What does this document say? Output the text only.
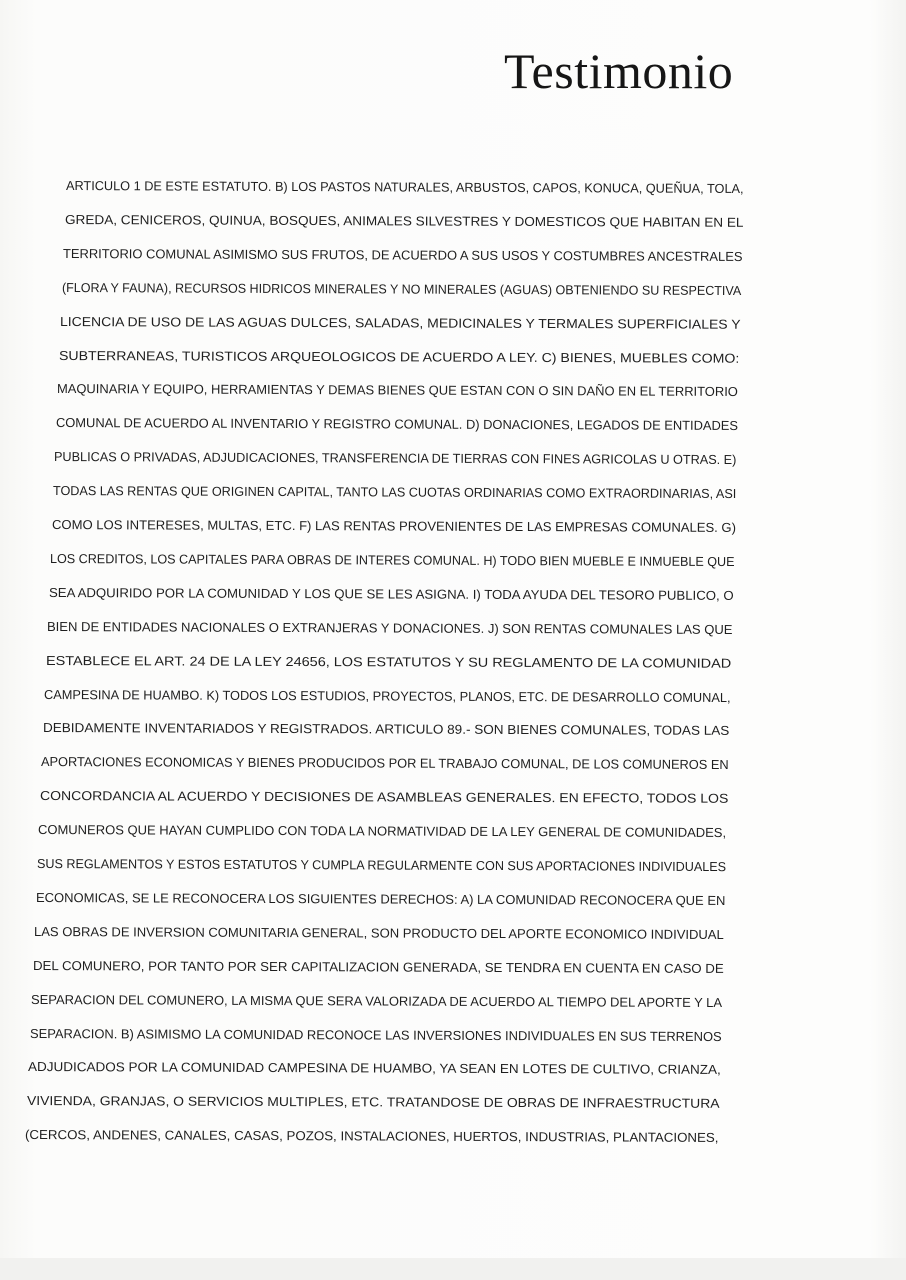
Testimonio
ARTICULO 1 DE ESTE ESTATUTO. B) LOS PASTOS NATURALES, ARBUSTOS, CAPOS, KONUCA, QUEÑUA, TOLA,
GREDA, CENICEROS, QUINUA, BOSQUES, ANIMALES SILVESTRES Y DOMESTICOS QUE HABITAN EN EL
TERRITORIO COMUNAL ASIMISMO SUS FRUTOS, DE ACUERDO A SUS USOS Y COSTUMBRES ANCESTRALES
(FLORA Y FAUNA), RECURSOS HIDRICOS MINERALES Y NO MINERALES (AGUAS) OBTENIENDO SU RESPECTIVA
LICENCIA DE USO DE LAS AGUAS DULCES, SALADAS, MEDICINALES Y TERMALES SUPERFICIALES Y
SUBTERRANEAS, TURISTICOS ARQUEOLOGICOS DE ACUERDO A LEY. C) BIENES, MUEBLES COMO:
MAQUINARIA Y EQUIPO, HERRAMIENTAS Y DEMAS BIENES QUE ESTAN CON O SIN DAÑO EN EL TERRITORIO
COMUNAL DE ACUERDO AL INVENTARIO Y REGISTRO COMUNAL. D) DONACIONES, LEGADOS DE ENTIDADES
PUBLICAS O PRIVADAS, ADJUDICACIONES, TRANSFERENCIA DE TIERRAS CON FINES AGRICOLAS U OTRAS. E)
TODAS LAS RENTAS QUE ORIGINEN CAPITAL, TANTO LAS CUOTAS ORDINARIAS COMO EXTRAORDINARIAS, ASI
COMO LOS INTERESES, MULTAS, ETC. F) LAS RENTAS PROVENIENTES DE LAS EMPRESAS COMUNALES. G)
LOS CREDITOS, LOS CAPITALES PARA OBRAS DE INTERES COMUNAL. H) TODO BIEN MUEBLE E INMUEBLE QUE
SEA ADQUIRIDO POR LA COMUNIDAD Y LOS QUE SE LES ASIGNA. I) TODA AYUDA DEL TESORO PUBLICO, O
BIEN DE ENTIDADES NACIONALES O EXTRANJERAS Y DONACIONES. J) SON RENTAS COMUNALES LAS QUE
ESTABLECE EL ART. 24 DE LA LEY 24656, LOS ESTATUTOS Y SU REGLAMENTO DE LA COMUNIDAD
CAMPESINA DE HUAMBO. K) TODOS LOS ESTUDIOS, PROYECTOS, PLANOS, ETC. DE DESARROLLO COMUNAL,
DEBIDAMENTE INVENTARIADOS Y REGISTRADOS. ARTICULO 89.- SON BIENES COMUNALES, TODAS LAS
APORTACIONES ECONOMICAS Y BIENES PRODUCIDOS POR EL TRABAJO COMUNAL, DE LOS COMUNEROS EN
CONCORDANCIA AL ACUERDO Y DECISIONES DE ASAMBLEAS GENERALES. EN EFECTO, TODOS LOS
COMUNEROS QUE HAYAN CUMPLIDO CON TODA LA NORMATIVIDAD DE LA LEY GENERAL DE COMUNIDADES,
SUS REGLAMENTOS Y ESTOS ESTATUTOS Y CUMPLA REGULARMENTE CON SUS APORTACIONES INDIVIDUALES
ECONOMICAS, SE LE RECONOCERA LOS SIGUIENTES DERECHOS: A) LA COMUNIDAD RECONOCERA QUE EN
LAS OBRAS DE INVERSION COMUNITARIA GENERAL, SON PRODUCTO DEL APORTE ECONOMICO INDIVIDUAL
DEL COMUNERO, POR TANTO POR SER CAPITALIZACION GENERADA, SE TENDRA EN CUENTA EN CASO DE
SEPARACION DEL COMUNERO, LA MISMA QUE SERA VALORIZADA DE ACUERDO AL TIEMPO DEL APORTE Y LA
SEPARACION. B) ASIMISMO LA COMUNIDAD RECONOCE LAS INVERSIONES INDIVIDUALES EN SUS TERRENOS
ADJUDICADOS POR LA COMUNIDAD CAMPESINA DE HUAMBO, YA SEAN EN LOTES DE CULTIVO, CRIANZA,
VIVIENDA, GRANJAS, O SERVICIOS MULTIPLES, ETC. TRATANDOSE DE OBRAS DE INFRAESTRUCTURA
(CERCOS, ANDENES, CANALES, CASAS, POZOS, INSTALACIONES, HUERTOS, INDUSTRIAS, PLANTACIONES,
